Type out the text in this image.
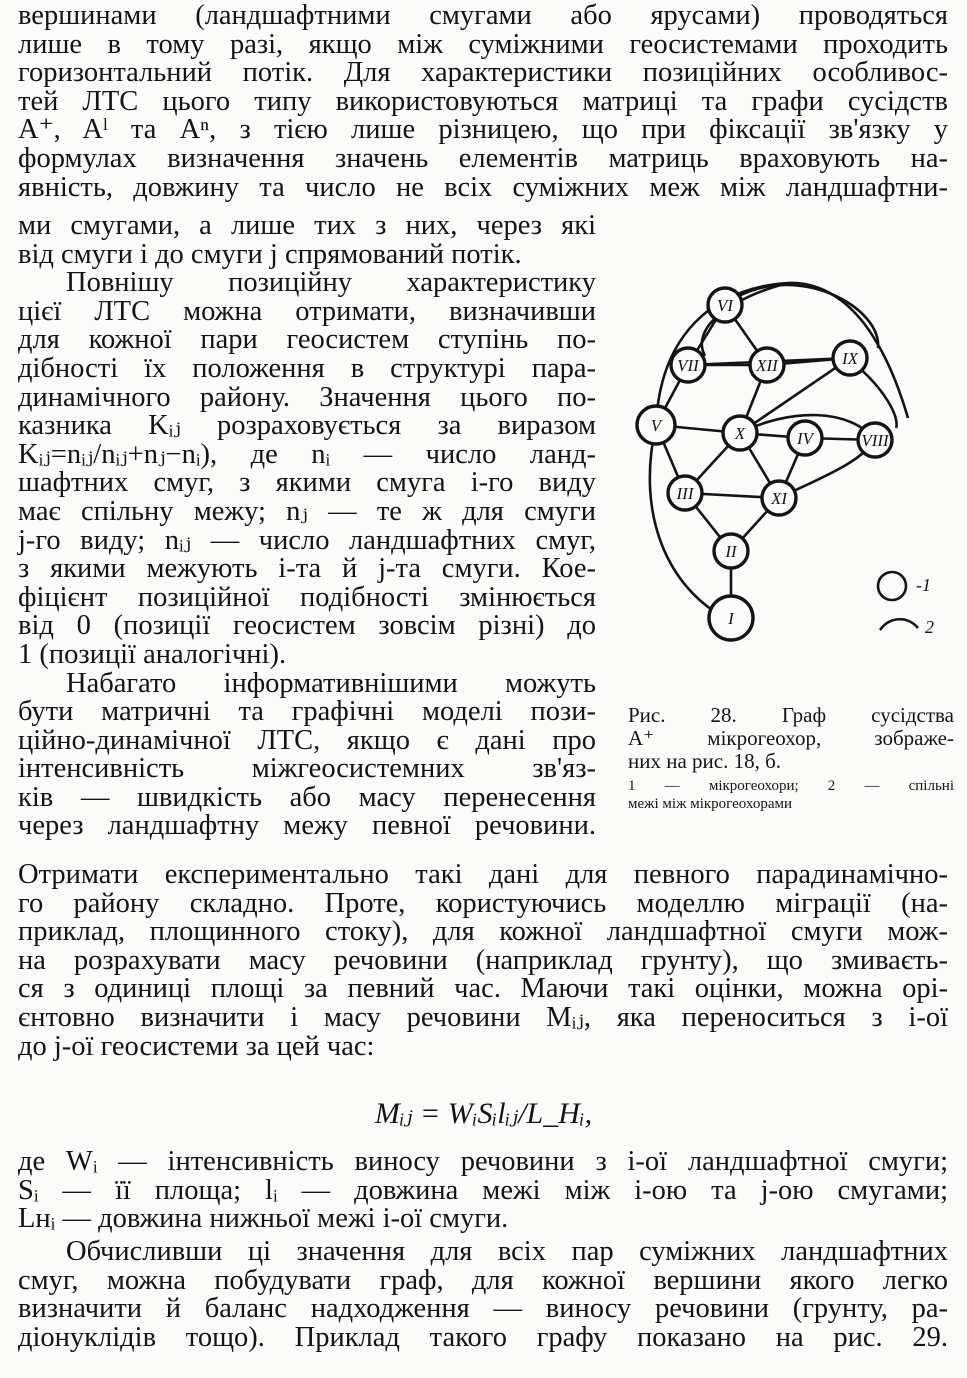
вершинами (ландшафтними смугами або ярусами) проводяться
лише в тому разі, якщо між суміжними геосистемами проходить
горизонтальний потік. Для характеристики позиційних особливос-
тей ЛТС цього типу використовуються матриці та графи сусідств
A⁺, Aˡ та Aⁿ, з тією лише різницею, що при фіксації зв'язку у
формулах визначення значень елементів матриць враховують на-
явність, довжину та число не всіх суміжних меж між ландшафтни-
ми смугами, а лише тих з них, через які
від смуги i до смуги j спрямований потік.
Повнішу позиційну характеристику
цієї ЛТС можна отримати, визначивши
для кожної пари геосистем ступінь по-
дібності їх положення в структурі пара-
динамічного району. Значення цього по-
казника Kᵢⱼ розраховується за виразом
Kᵢⱼ=nᵢⱼ/nᵢⱼ+nⱼ−nᵢ), де nᵢ — число ланд-
шафтних смуг, з якими смуга i-го виду
має спільну межу; nⱼ — те ж для смуги
j-го виду; nᵢⱼ — число ландшафтних смуг,
з якими межують i-та й j-та смуги. Кое-
фіцієнт позиційної подібності змінюється
від 0 (позиції геосистем зовсім різні) до
1 (позиції аналогічні).
Набагато інформативнішими можуть
бути матричні та графічні моделі пози-
ційно-динамічної ЛТС, якщо є дані про
інтенсивність міжгеосистемних зв'яз-
ків — швидкість або масу перенесення
через ландшафтну межу певної речовини.
VI
VII	XII	IX
V	X	IV	VIII
III	XI
II
I
-1
2
Рис. 28. Граф сусідства
A⁺ мікрогеохор, зображе-
них на рис. 18, б.
1 — мікрогеохори; 2 — спільні
межі між мікрогеохорами
Отримати експериментально такі дані для певного парадинамічно-
го району складно. Проте, користуючись моделлю міграції (на-
приклад, площинного стоку), для кожної ландшафтної смуги мож-
на розрахувати масу речовини (наприклад грунту), що змиваєть-
ся з одиниці площі за певний час. Маючи такі оцінки, можна орі-
єнтовно визначити і масу речовини Mᵢⱼ, яка переноситься з i-ої
до j-ої геосистеми за цей час:
Mᵢⱼ = WᵢSᵢlᵢⱼ/L_Hᵢ,
де Wᵢ — інтенсивність виносу речовини з i-ої ландшафтної смуги;
Sᵢ — її площа; lᵢ — довжина межі між i-ою та j-ою смугами;
Lнᵢ — довжина нижньої межі i-ої смуги.
Обчисливши ці значення для всіх пар суміжних ландшафтних
смуг, можна побудувати граф, для кожної вершини якого легко
визначити й баланс надходження — виносу речовини (грунту, ра-
діонуклідів тощо). Приклад такого графу показано на рис. 29.
